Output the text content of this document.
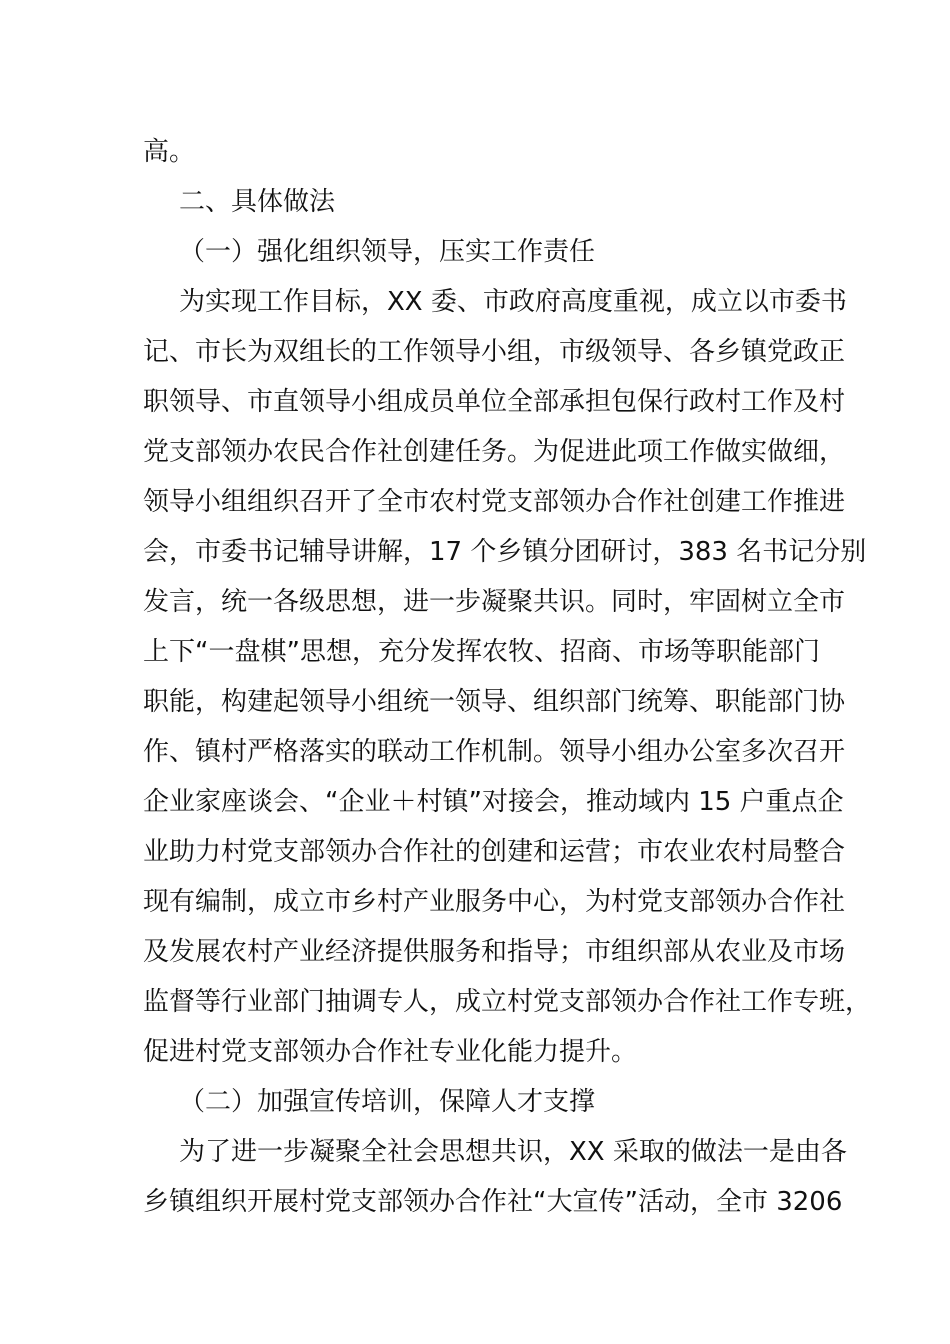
高。
二、具体做法
（一）强化组织领导，压实工作责任
为实现工作目标，XX 委、市政府高度重视，成立以市委书
记、市长为双组长的工作领导小组，市级领导、各乡镇党政正
职领导、市直领导小组成员单位全部承担包保行政村工作及村
党支部领办农民合作社创建任务。为促进此项工作做实做细，
领导小组组织召开了全市农村党支部领办合作社创建工作推进
会，市委书记辅导讲解，17 个乡镇分团研讨，383 名书记分别
发言，统一各级思想，进一步凝聚共识。同时，牢固树立全市
上下“一盘棋”思想，充分发挥农牧、招商、市场等职能部门
职能，构建起领导小组统一领导、组织部门统筹、职能部门协
作、镇村严格落实的联动工作机制。领导小组办公室多次召开
企业家座谈会、“企业＋村镇”对接会，推动域内 15 户重点企
业助力村党支部领办合作社的创建和运营；市农业农村局整合
现有编制，成立市乡村产业服务中心，为村党支部领办合作社
及发展农村产业经济提供服务和指导；市组织部从农业及市场
监督等行业部门抽调专人，成立村党支部领办合作社工作专班，
促进村党支部领办合作社专业化能力提升。
（二）加强宣传培训，保障人才支撑
为了进一步凝聚全社会思想共识，XX 采取的做法一是由各
乡镇组织开展村党支部领办合作社“大宣传”活动，全市 3206
